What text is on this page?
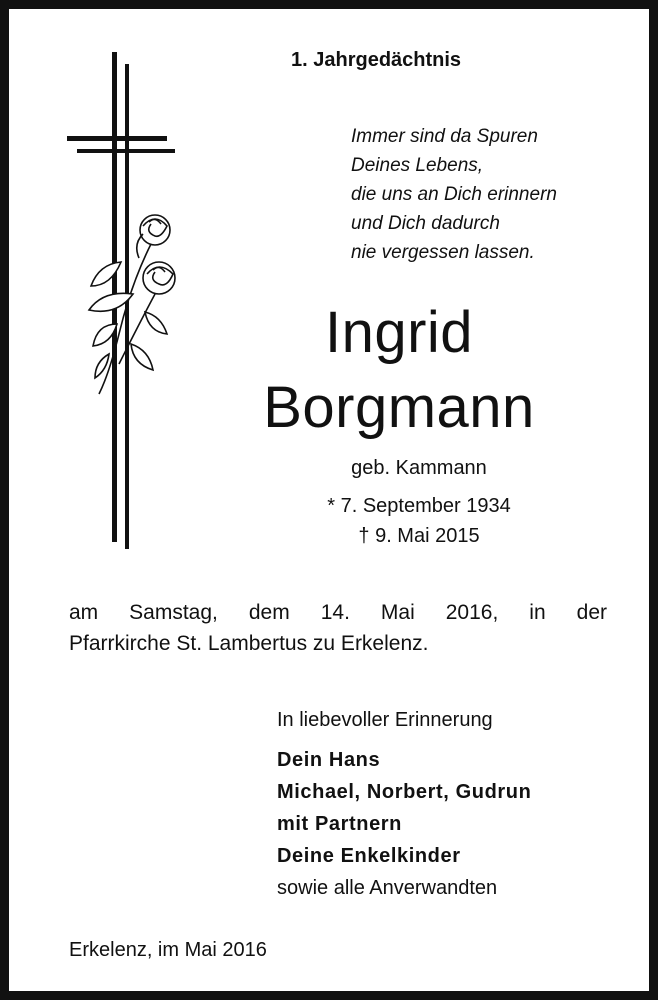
1. Jahrgedächtnis
Immer sind da Spuren
Deines Lebens,
die uns an Dich erinnern
und Dich dadurch
nie vergessen lassen.
Ingrid
Borgmann
geb. Kammann
* 7. September 1934
† 9. Mai 2015
am Samstag, dem 14. Mai 2016, in der
Pfarrkirche St. Lambertus zu Erkelenz.
In liebevoller Erinnerung
Dein Hans
Michael, Norbert, Gudrun
mit Partnern
Deine Enkelkinder
sowie alle Anverwandten
Erkelenz, im Mai 2016
